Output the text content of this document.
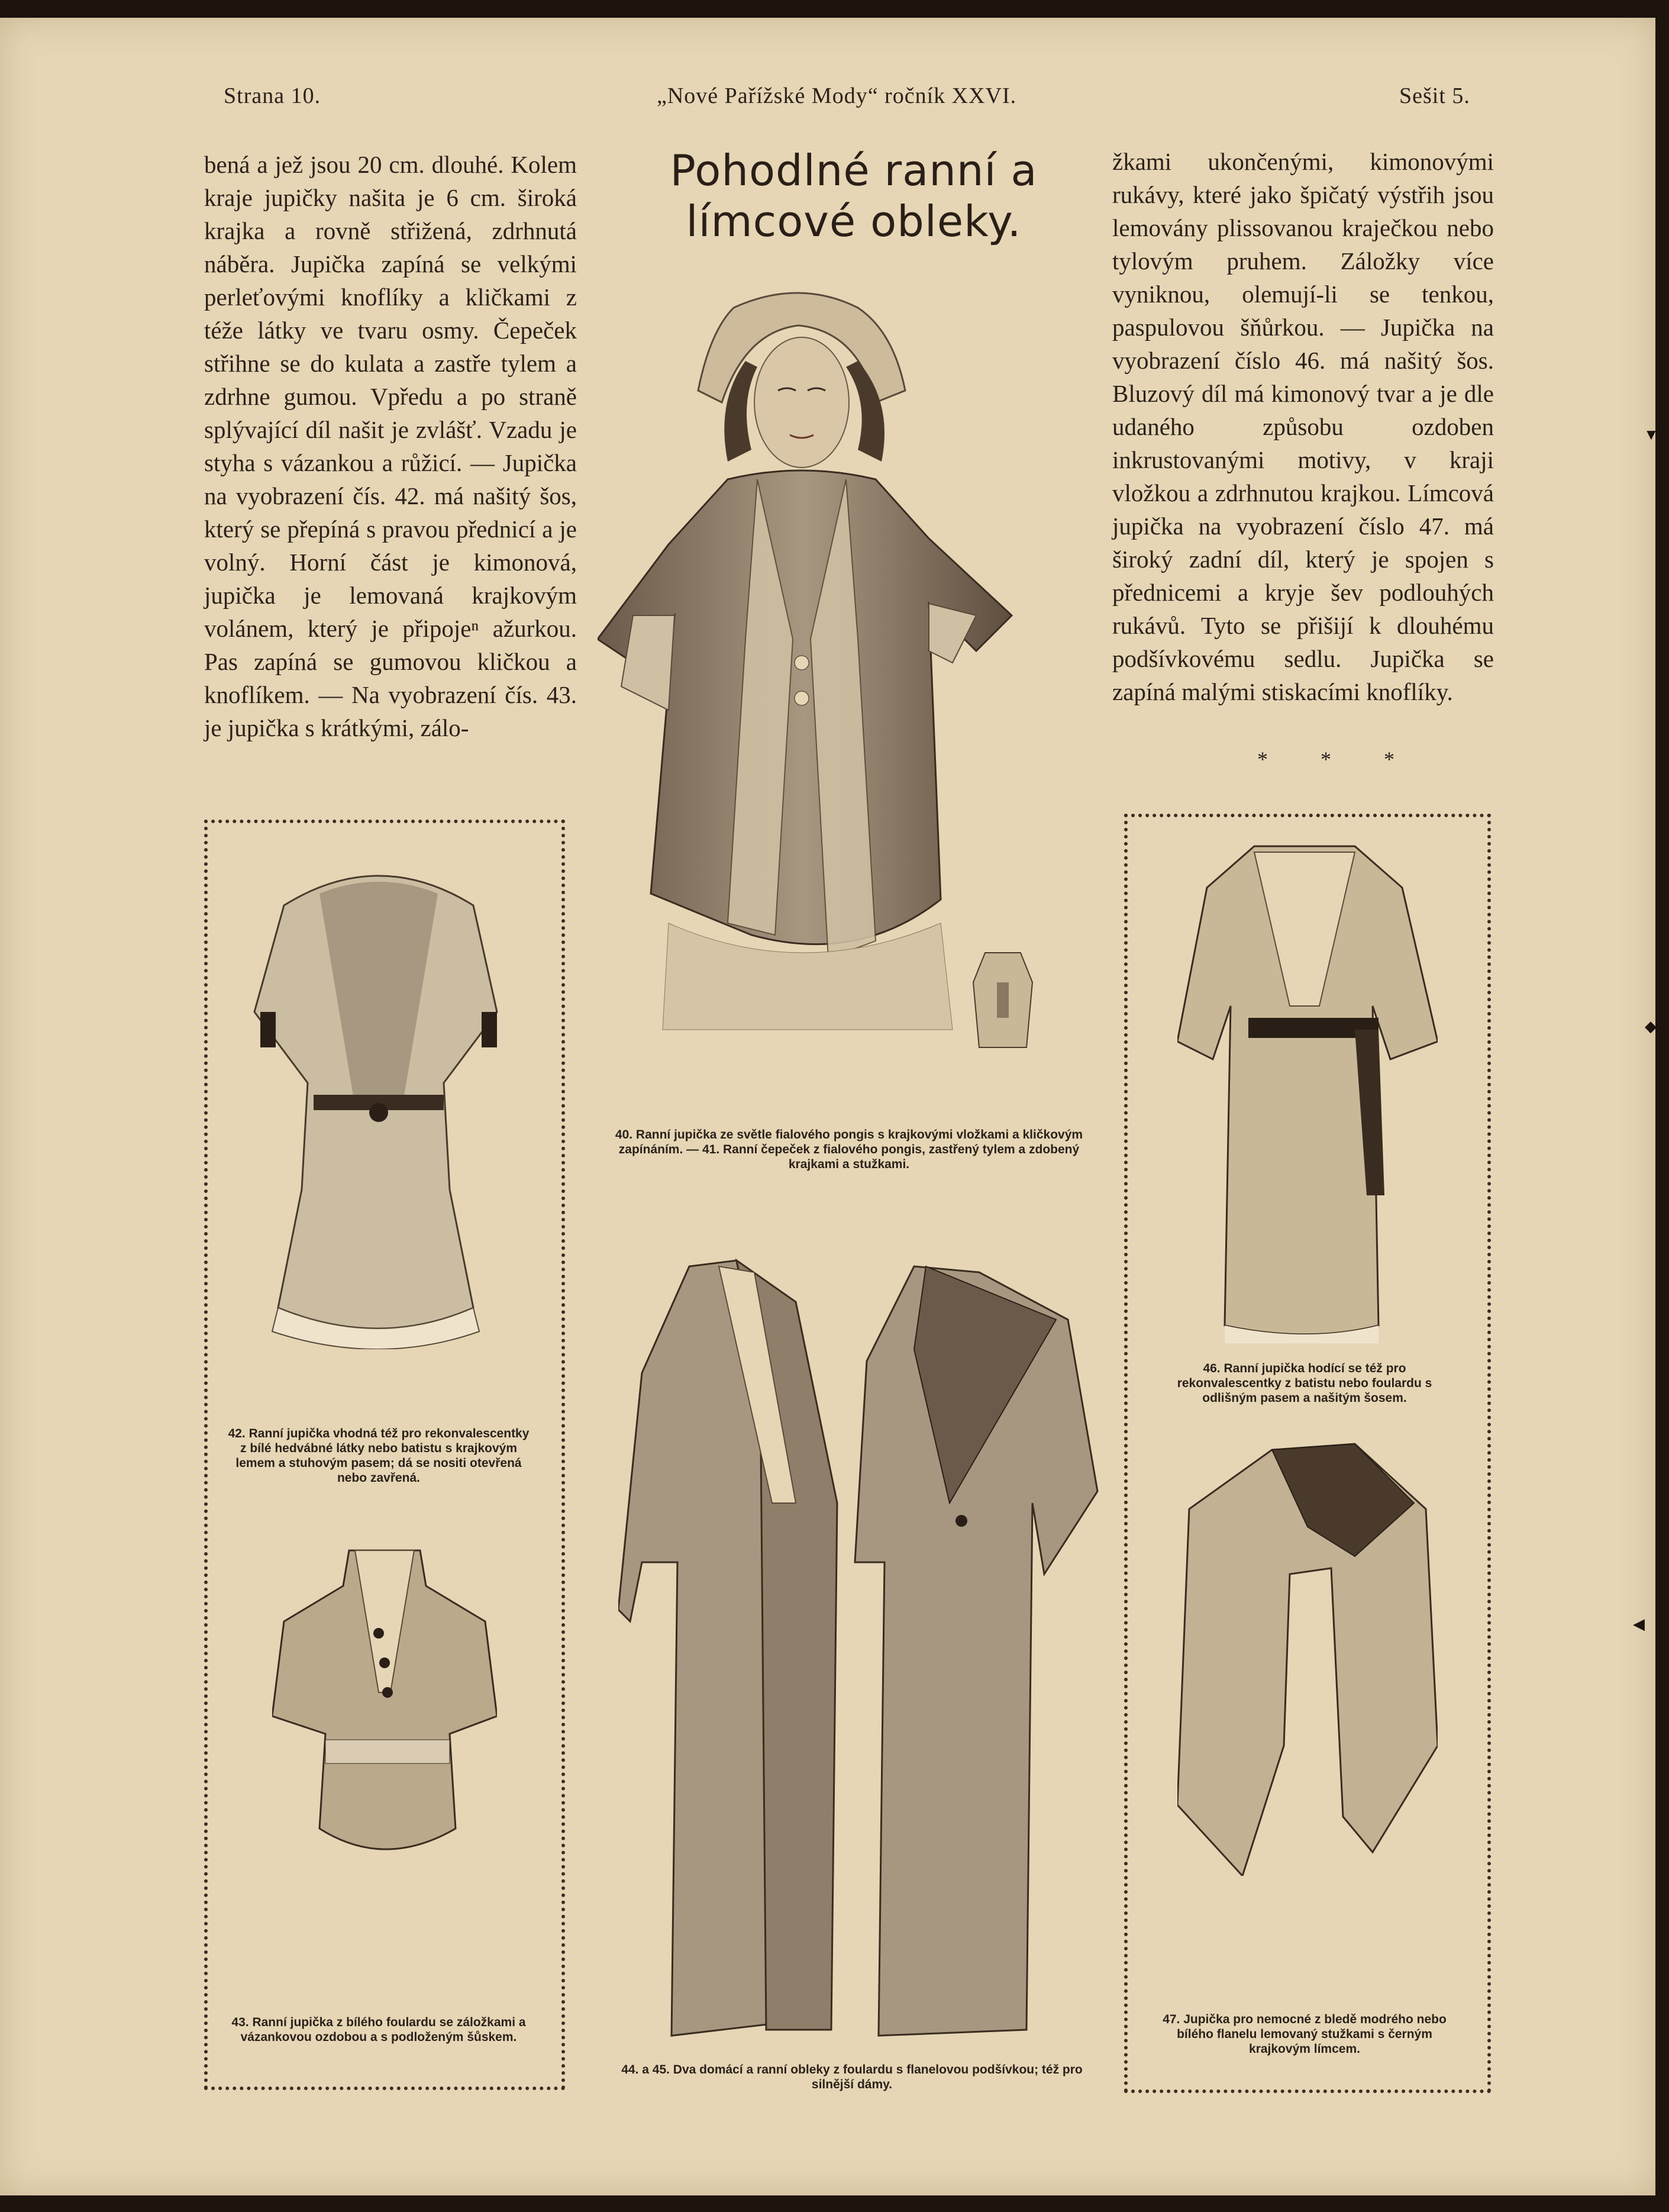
Strana 10.	„Nové Pařížské Mody“ ročník XXVI.	Sešit 5.

bená a jež jsou 20 cm. dlouhé. Kolem kraje jupičky našita je 6 cm. široká krajka a rovně střižená, zdrhnutá náběra. Jupička zapíná se velkými perleťovými knoflíky a kličkami z téže látky ve tvaru osmy. Čepeček střihne se do kulata a zastře tylem a zdrhne gumou. Vpředu a po straně splývající díl našit je zvlášť. Vzadu je stуha s vázankou a růžicí. — Jupička na vyobrazení čís. 42. má našitý šos, který se přepíná s pravou přednicí a je volný. Horní část je kimonová, jupička je lemovaná krajkovým volánem, který je připojeⁿ ažurkou. Pas zapíná se gumovou kličkou a knoflíkem. — Na vyobrazení čís. 43. je jupička s krátkými, zálo-

Pohodlné ranní a límcové obleky.

žkami ukončenými, kimonovými rukávy, které jako špičatý výstřih jsou lemovány plissovanou kraječkou nebo tylovým pruhem. Záložky více vyniknou, olemují-li se tenkou, paspulovou šňůrkou. — Jupička na vyobrazení číslo 46. má našitý šos. Bluzový díl má kimonový tvar a je dle udaného způsobu ozdoben inkrustovanými motivy, v kraji vložkou a zdrhnutou krajkou. Límcová jupička na vyobrazení číslo 47. má široký zadní díl, který je spojen s přednicemi a kryje šev podlouhých rukávů. Tyto se přišijí k dlouhému podšívkovému sedlu. Jupička se zapíná malými stiskacími knoflíky.

* * *
40. Ranní jupička ze světle fialového pongis s krajkovými vložkami a kličkovým zapínáním. — 41. Ranní čepeček z fialového pongis, zastřený tylem a zdobený krajkami a stužkami.
42. Ranní jupička vhodná též pro rekonvalescentky z bílé hedvábné látky nebo batistu s krajkovým lemem a stuhovým pasem; dá se nositi otevřená nebo zavřená.
43. Ranní jupička z bílého foulardu se záložkami a vázankovou ozdobou a s podloženým šůskem.
44. a 45. Dva domácí a ranní obleky z foulardu s flanelovou podšívkou; též pro silnější dámy.
46. Ranní jupička hodící se též pro rekonvalescentky z batistu nebo foulardu s odlišným pasem a našitým šosem.
47. Jupička pro nemocné z bledě modrého nebo bílého flanelu lemovaný stužkami s černým krajkovým límcem.
▼
◆
◀
